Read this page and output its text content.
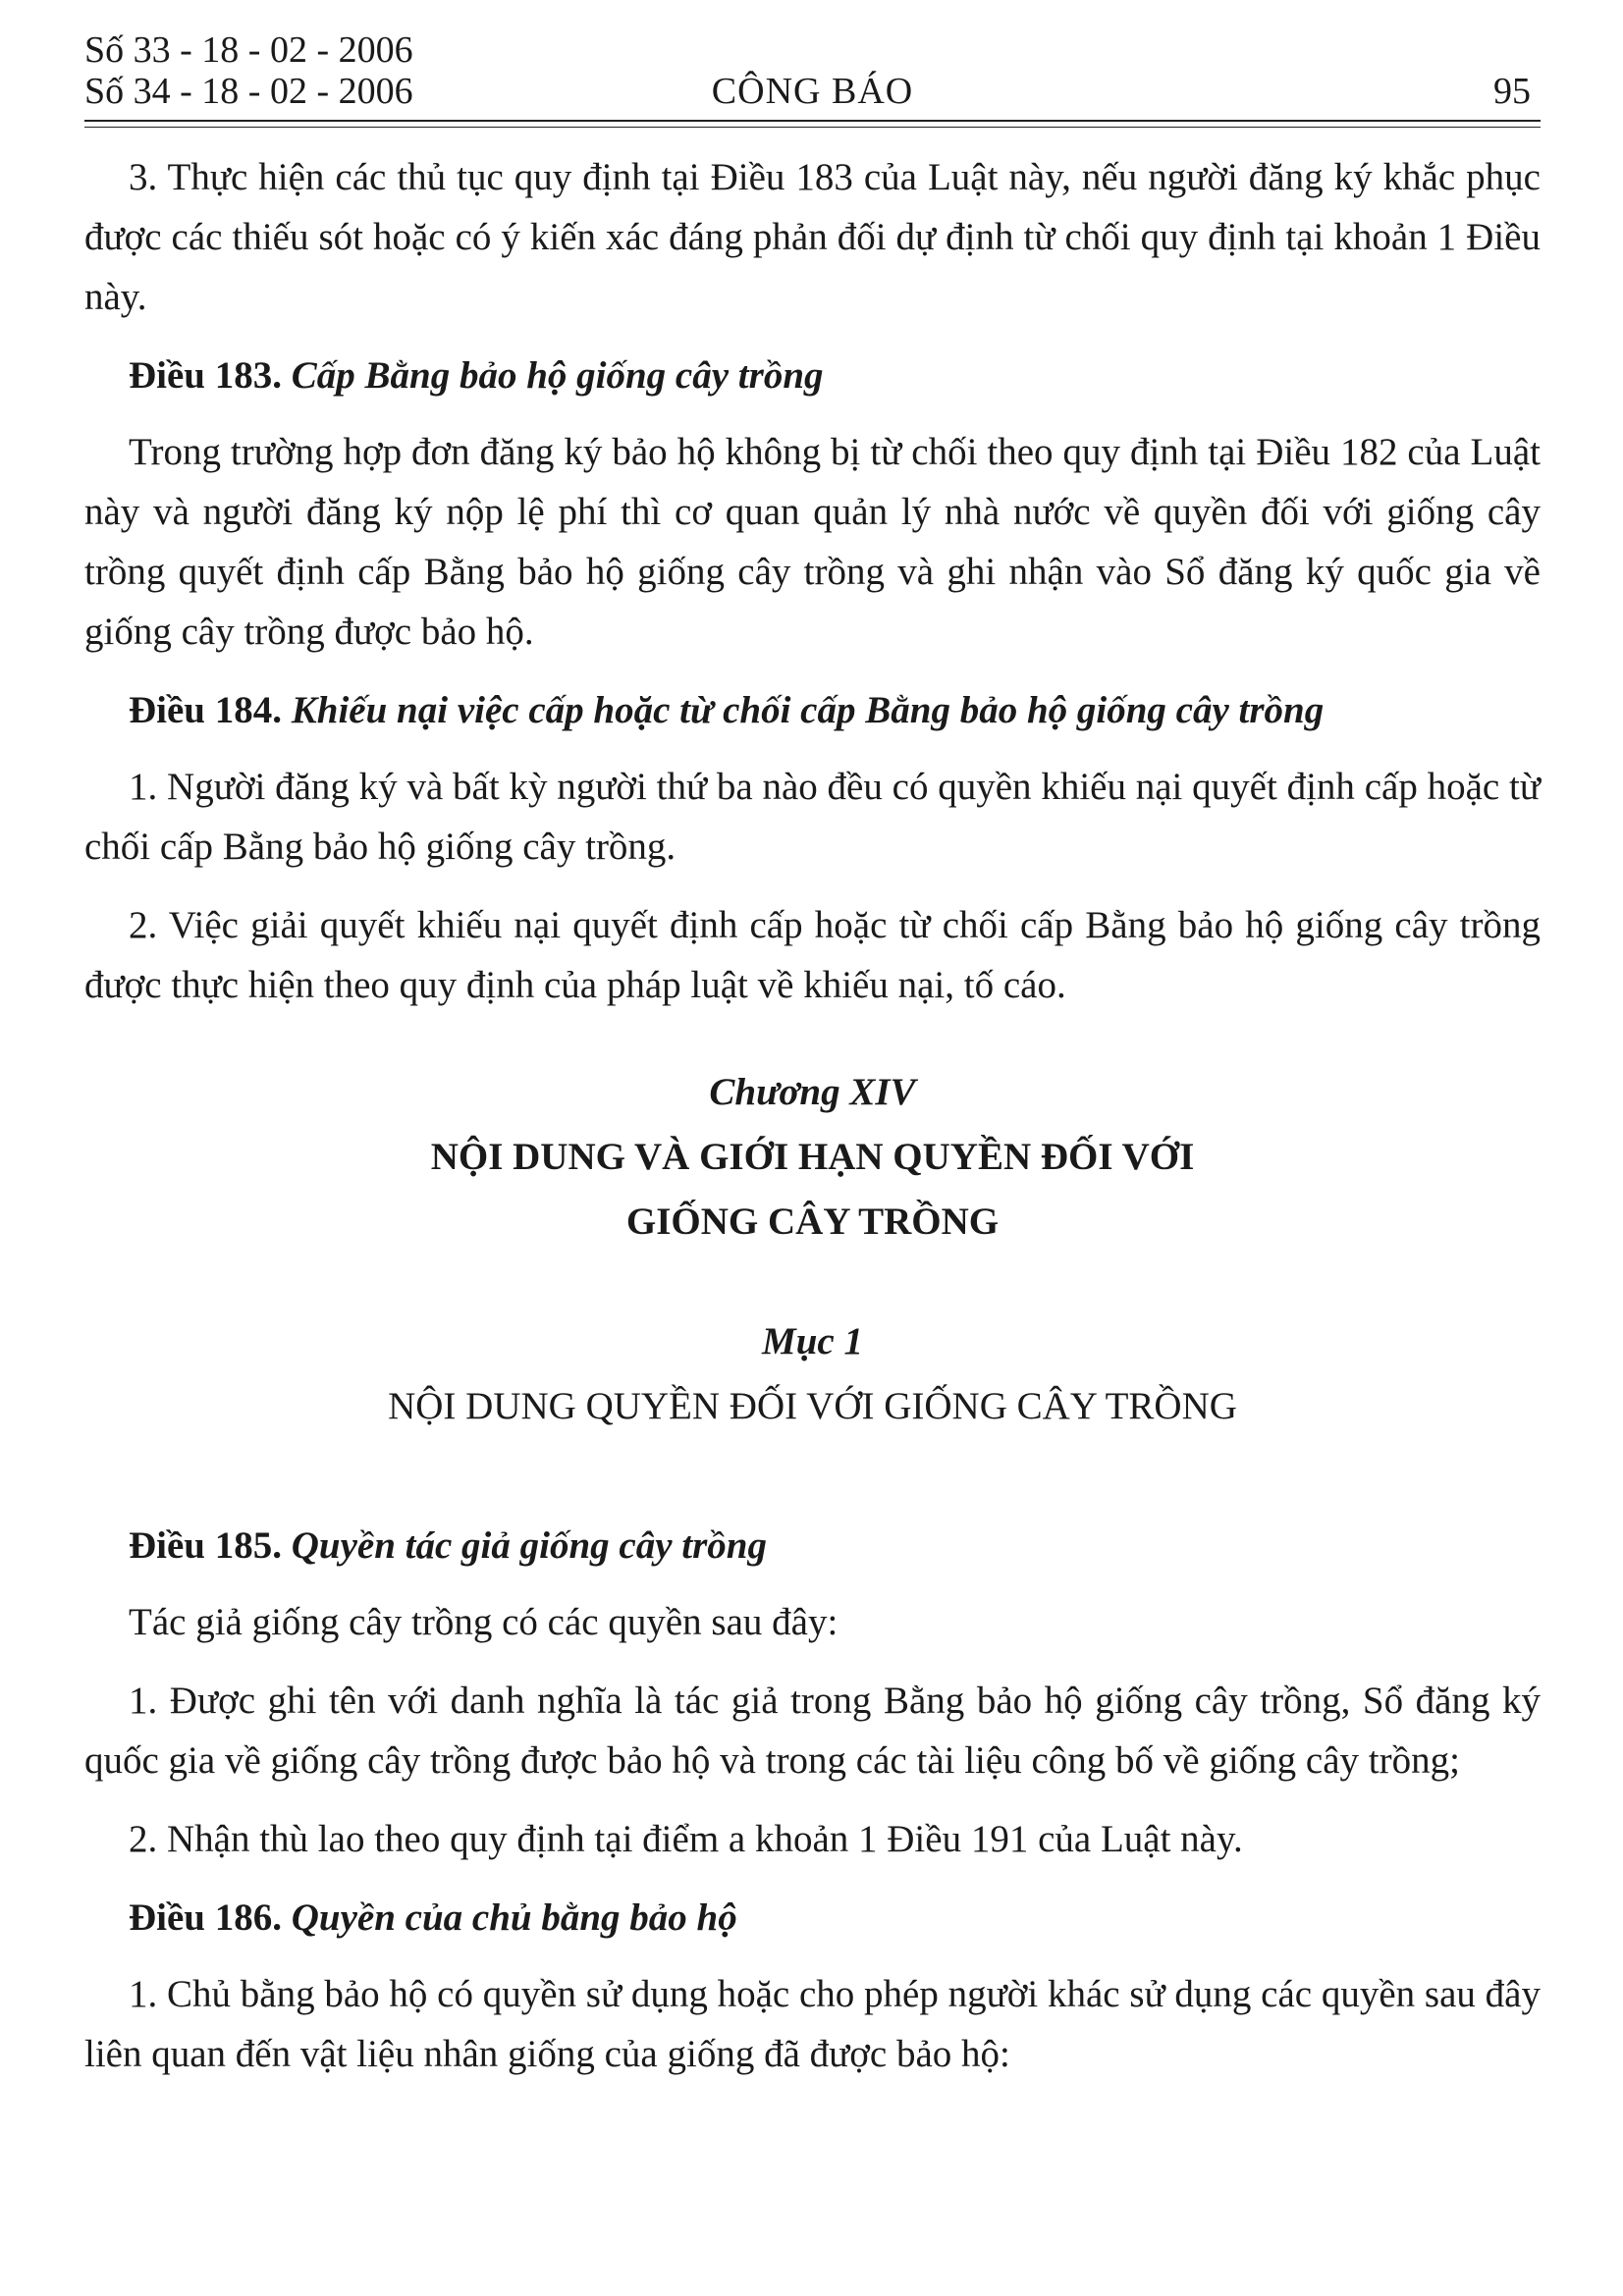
Số 33 - 18 - 02 - 2006
Số 34 - 18 - 02 - 2006	CÔNG BÁO	95

3. Thực hiện các thủ tục quy định tại Điều 183 của Luật này, nếu người đăng ký khắc phục được các thiếu sót hoặc có ý kiến xác đáng phản đối dự định từ chối quy định tại khoản 1 Điều này.

Điều 183. Cấp Bằng bảo hộ giống cây trồng

Trong trường hợp đơn đăng ký bảo hộ không bị từ chối theo quy định tại Điều 182 của Luật này và người đăng ký nộp lệ phí thì cơ quan quản lý nhà nước về quyền đối với giống cây trồng quyết định cấp Bằng bảo hộ giống cây trồng và ghi nhận vào Sổ đăng ký quốc gia về giống cây trồng được bảo hộ.

Điều 184. Khiếu nại việc cấp hoặc từ chối cấp Bằng bảo hộ giống cây trồng

1. Người đăng ký và bất kỳ người thứ ba nào đều có quyền khiếu nại quyết định cấp hoặc từ chối cấp Bằng bảo hộ giống cây trồng.

2. Việc giải quyết khiếu nại quyết định cấp hoặc từ chối cấp Bằng bảo hộ giống cây trồng được thực hiện theo quy định của pháp luật về khiếu nại, tố cáo.

Chương XIV
NỘI DUNG VÀ GIỚI HẠN QUYỀN ĐỐI VỚI
GIỐNG CÂY TRỒNG
Mục 1
NỘI DUNG QUYỀN ĐỐI VỚI GIỐNG CÂY TRỒNG

Điều 185. Quyền tác giả giống cây trồng

Tác giả giống cây trồng có các quyền sau đây:

1. Được ghi tên với danh nghĩa là tác giả trong Bằng bảo hộ giống cây trồng, Sổ đăng ký quốc gia về giống cây trồng được bảo hộ và trong các tài liệu công bố về giống cây trồng;

2. Nhận thù lao theo quy định tại điểm a khoản 1 Điều 191 của Luật này.

Điều 186. Quyền của chủ bằng bảo hộ

1. Chủ bằng bảo hộ có quyền sử dụng hoặc cho phép người khác sử dụng các quyền sau đây liên quan đến vật liệu nhân giống của giống đã được bảo hộ:
